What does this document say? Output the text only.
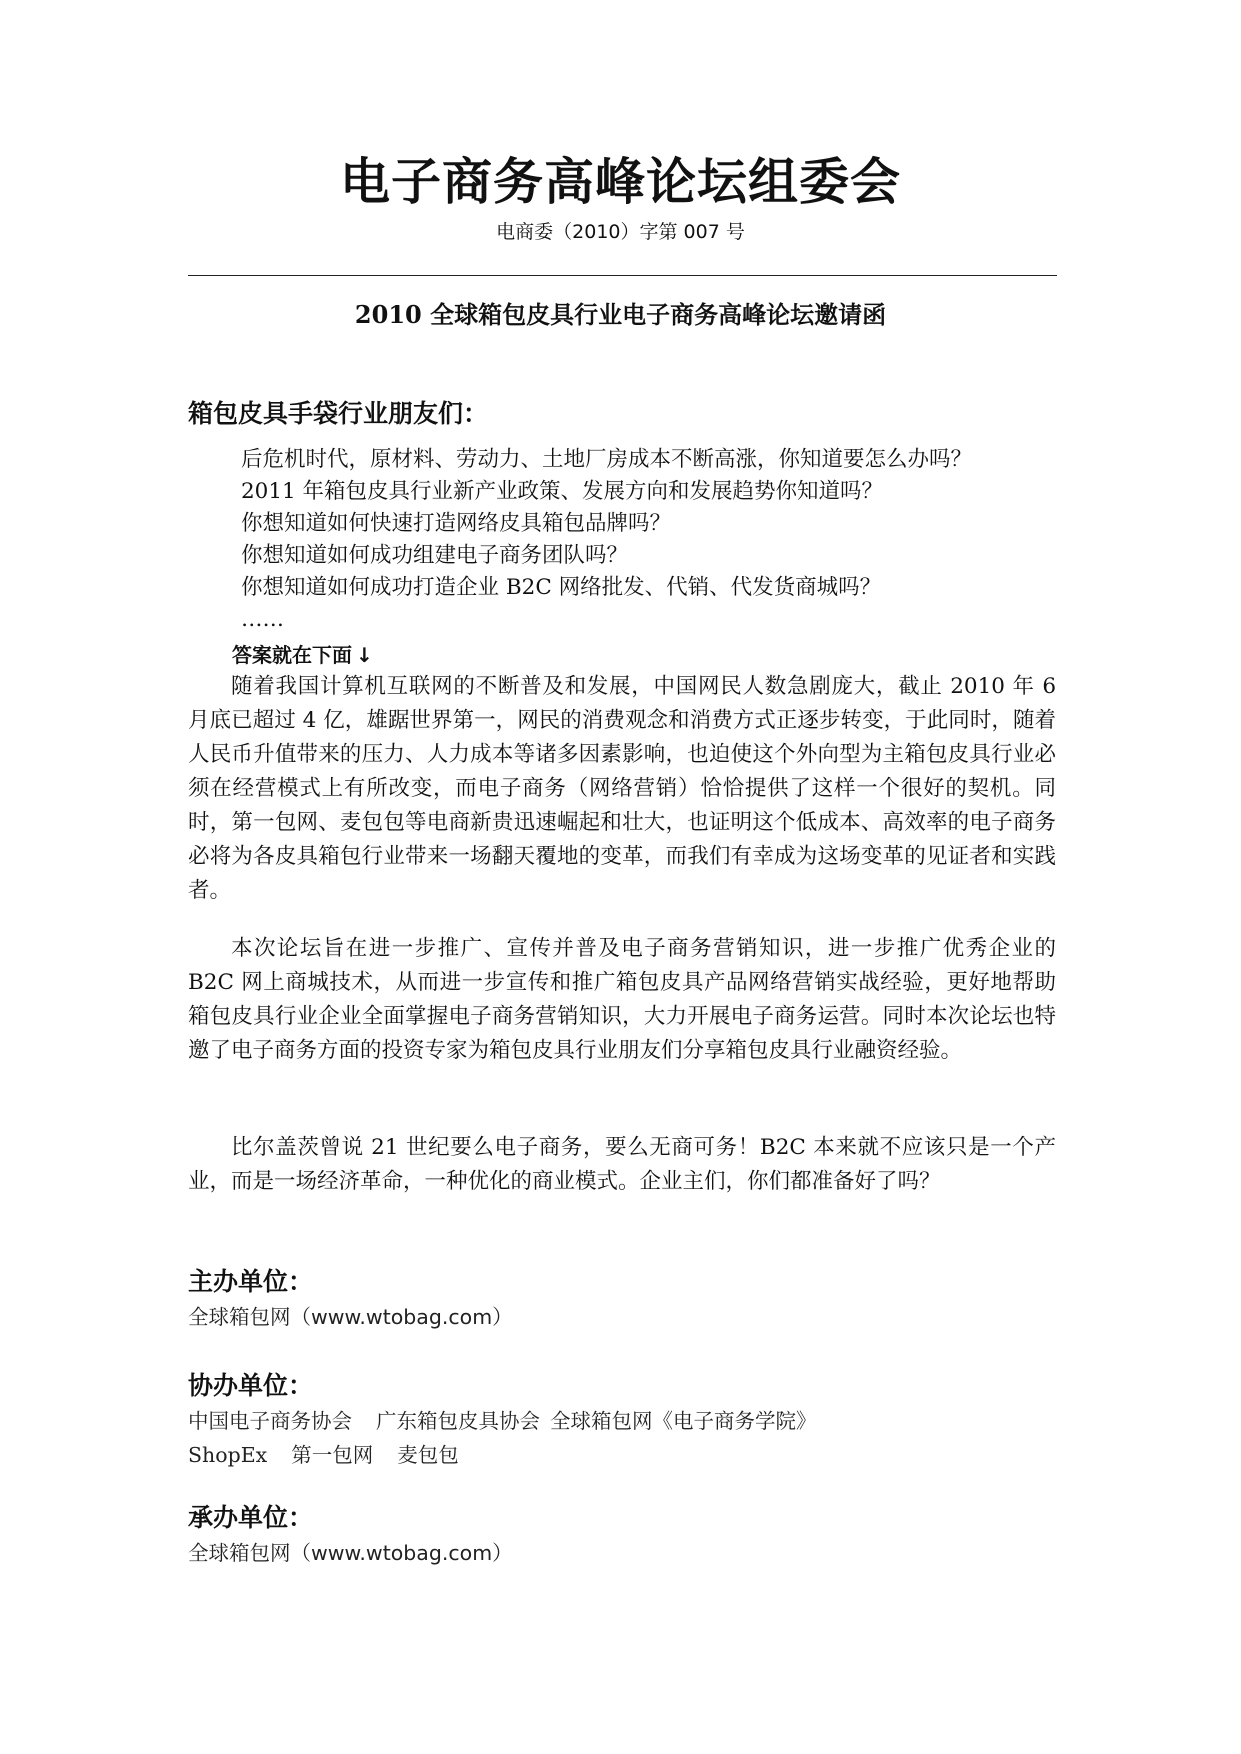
电子商务高峰论坛组委会
电商委（2010）字第 007 号
2010 全球箱包皮具行业电子商务高峰论坛邀请函
箱包皮具手袋行业朋友们：
后危机时代，原材料、劳动力、土地厂房成本不断高涨，你知道要怎么办吗？
2011 年箱包皮具行业新产业政策、发展方向和发展趋势你知道吗？
你想知道如何快速打造网络皮具箱包品牌吗？
你想知道如何成功组建电子商务团队吗？
你想知道如何成功打造企业 B2C 网络批发、代销、代发货商城吗？
……
答案就在下面 ↓

随着我国计算机互联网的不断普及和发展，中国网民人数急剧庞大，截止 2010 年 6 月底已超过 4 亿，雄踞世界第一，网民的消费观念和消费方式正逐步转变，于此同时，随着人民币升值带来的压力、人力成本等诸多因素影响，也迫使这个外向型为主箱包皮具行业必须在经营模式上有所改变，而电子商务（网络营销）恰恰提供了这样一个很好的契机。同时，第一包网、麦包包等电商新贵迅速崛起和壮大，也证明这个低成本、高效率的电子商务必将为各皮具箱包行业带来一场翻天覆地的变革，而我们有幸成为这场变革的见证者和实践者。

本次论坛旨在进一步推广、宣传并普及电子商务营销知识，进一步推广优秀企业的 B2C 网上商城技术，从而进一步宣传和推广箱包皮具产品网络营销实战经验，更好地帮助箱包皮具行业企业全面掌握电子商务营销知识，大力开展电子商务运营。同时本次论坛也特邀了电子商务方面的投资专家为箱包皮具行业朋友们分享箱包皮具行业融资经验。

比尔盖茨曾说 21 世纪要么电子商务，要么无商可务！B2C 本来就不应该只是一个产业，而是一场经济革命，一种优化的商业模式。企业主们，你们都准备好了吗？

主办单位：
全球箱包网（www.wtobag.com）
协办单位：
中国电子商务协会 广东箱包皮具协会 全球箱包网《电子商务学院》
ShopEx 第一包网 麦包包
承办单位：
全球箱包网（www.wtobag.com）
